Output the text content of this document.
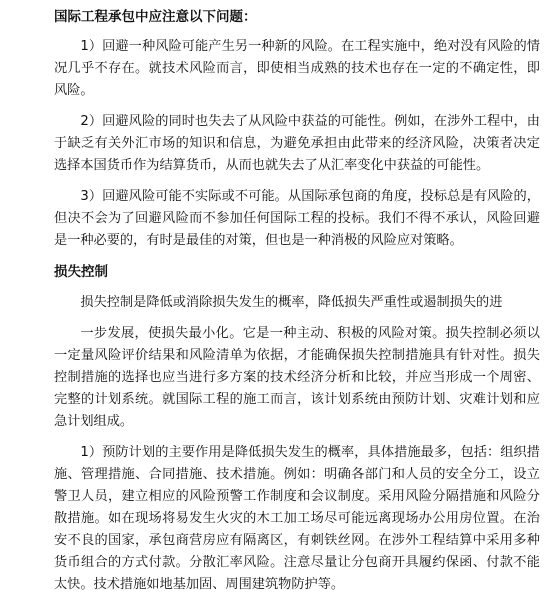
国际工程承包中应注意以下问题：

1）回避一种风险可能产生另一种新的风险。在工程实施中，绝对没有风险的情况几乎不存在。就技术风险而言，即使相当成熟的技术也存在一定的不确定性，即风险。

2）回避风险的同时也失去了从风险中获益的可能性。例如，在涉外工程中，由于缺乏有关外汇市场的知识和信息，为避免承担由此带来的经济风险，决策者决定选择本国货币作为结算货币，从而也就失去了从汇率变化中获益的可能性。

3）回避风险可能不实际或不可能。从国际承包商的角度，投标总是有风险的，但决不会为了回避风险而不参加任何国际工程的投标。我们不得不承认，风险回避是一种必要的，有时是最佳的对策，但也是一种消极的风险应对策略。

损失控制

损失控制是降低或消除损失发生的概率，降低损失严重性或遏制损失的进

一步发展，使损失最小化。它是一种主动、积极的风险对策。损失控制必须以一定量风险评价结果和风险清单为依据，才能确保损失控制措施具有针对性。损失控制措施的选择也应当进行多方案的技术经济分析和比较，并应当形成一个周密、完整的计划系统。就国际工程的施工而言，该计划系统由预防计划、灾难计划和应急计划组成。

1）预防计划的主要作用是降低损失发生的概率，具体措施最多，包括：组织措施、管理措施、合同措施、技术措施。例如：明确各部门和人员的安全分工，设立警卫人员，建立相应的风险预警工作制度和会议制度。采用风险分隔措施和风险分散措施。如在现场将易发生火灾的木工加工场尽可能远离现场办公用房位置。在治安不良的国家，承包商营房应有隔离区，有刺铁丝网。在涉外工程结算中采用多种货币组合的方式付款。分散汇率风险。注意尽量让分包商开具履约保函、付款不能太快。技术措施如地基加固、周围建筑物防护等。
